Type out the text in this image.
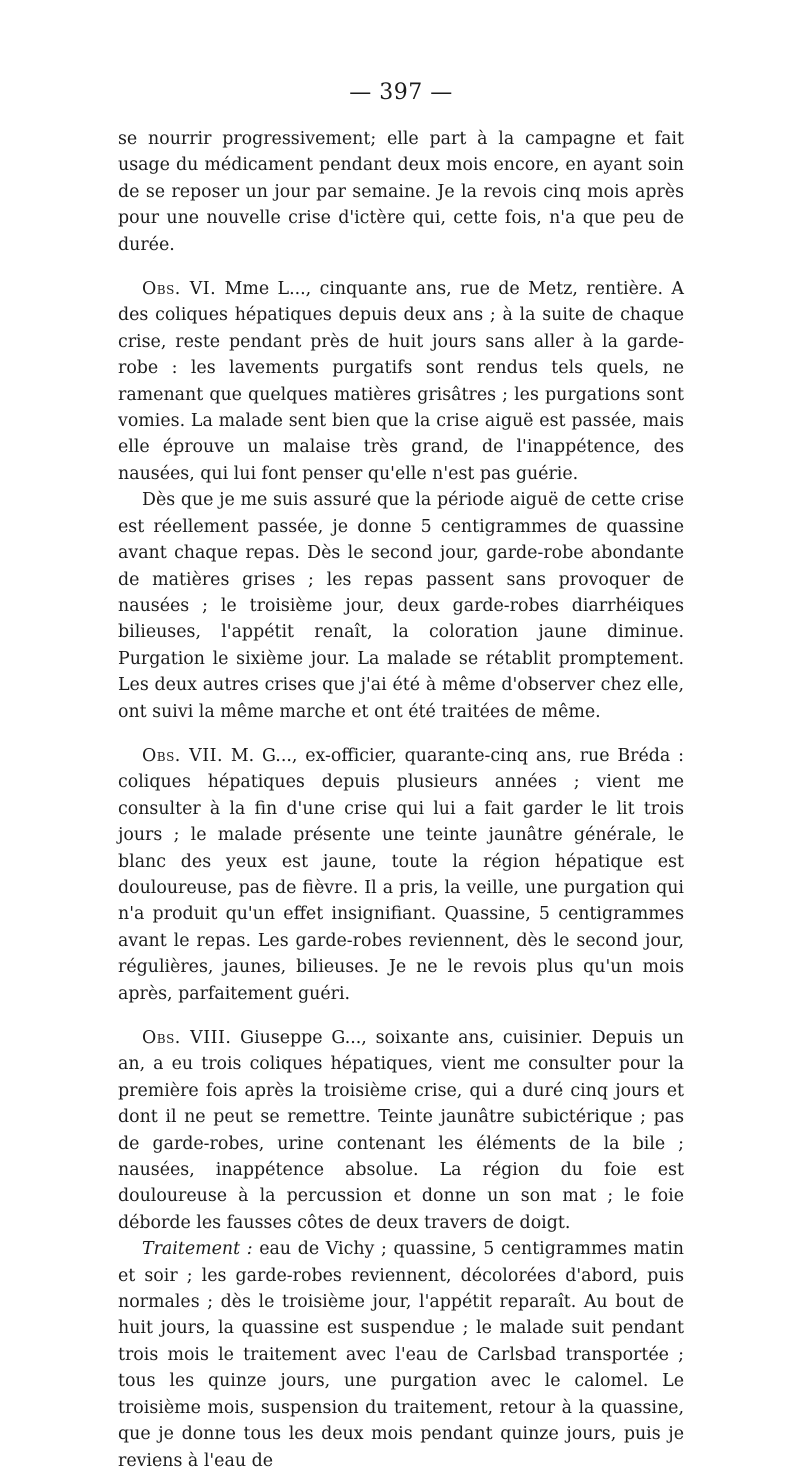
— 397 —

se nourrir progressivement; elle part à la campagne et fait usage du médicament pendant deux mois encore, en ayant soin de se reposer un jour par semaine. Je la revois cinq mois après pour une nouvelle crise d'ictère qui, cette fois, n'a que peu de durée.

Obs. VI. Mme L..., cinquante ans, rue de Metz, rentière. A des coliques hépatiques depuis deux ans ; à la suite de chaque crise, reste pendant près de huit jours sans aller à la garde-robe : les lavements purgatifs sont rendus tels quels, ne ramenant que quelques matières grisâtres ; les purgations sont vomies. La malade sent bien que la crise aiguë est passée, mais elle éprouve un malaise très grand, de l'inappétence, des nausées, qui lui font penser qu'elle n'est pas guérie.

Dès que je me suis assuré que la période aiguë de cette crise est réellement passée, je donne 5 centigrammes de quassine avant chaque repas. Dès le second jour, garde-robe abondante de matières grises ; les repas passent sans provoquer de nausées ; le troisième jour, deux garde-robes diarrhéiques bilieuses, l'appétit renaît, la coloration jaune diminue. Purgation le sixième jour. La malade se rétablit promptement. Les deux autres crises que j'ai été à même d'observer chez elle, ont suivi la même marche et ont été traitées de même.

Obs. VII. M. G..., ex-officier, quarante-cinq ans, rue Bréda : coliques hépatiques depuis plusieurs années ; vient me consulter à la fin d'une crise qui lui a fait garder le lit trois jours ; le malade présente une teinte jaunâtre générale, le blanc des yeux est jaune, toute la région hépatique est douloureuse, pas de fièvre. Il a pris, la veille, une purgation qui n'a produit qu'un effet insignifiant. Quassine, 5 centigrammes avant le repas. Les garde-robes reviennent, dès le second jour, régulières, jaunes, bilieuses. Je ne le revois plus qu'un mois après, parfaitement guéri.

Obs. VIII. Giuseppe G..., soixante ans, cuisinier. Depuis un an, a eu trois coliques hépatiques, vient me consulter pour la première fois après la troisième crise, qui a duré cinq jours et dont il ne peut se remettre. Teinte jaunâtre subictérique ; pas de garde-robes, urine contenant les éléments de la bile ; nausées, inappétence absolue. La région du foie est douloureuse à la percussion et donne un son mat ; le foie déborde les fausses côtes de deux travers de doigt.

Traitement : eau de Vichy ; quassine, 5 centigrammes matin et soir ; les garde-robes reviennent, décolorées d'abord, puis normales ; dès le troisième jour, l'appétit reparaît. Au bout de huit jours, la quassine est suspendue ; le malade suit pendant trois mois le traitement avec l'eau de Carlsbad transportée ; tous les quinze jours, une purgation avec le calomel. Le troisième mois, suspension du traitement, retour à la quassine, que je donne tous les deux mois pendant quinze jours, puis je reviens à l'eau de
